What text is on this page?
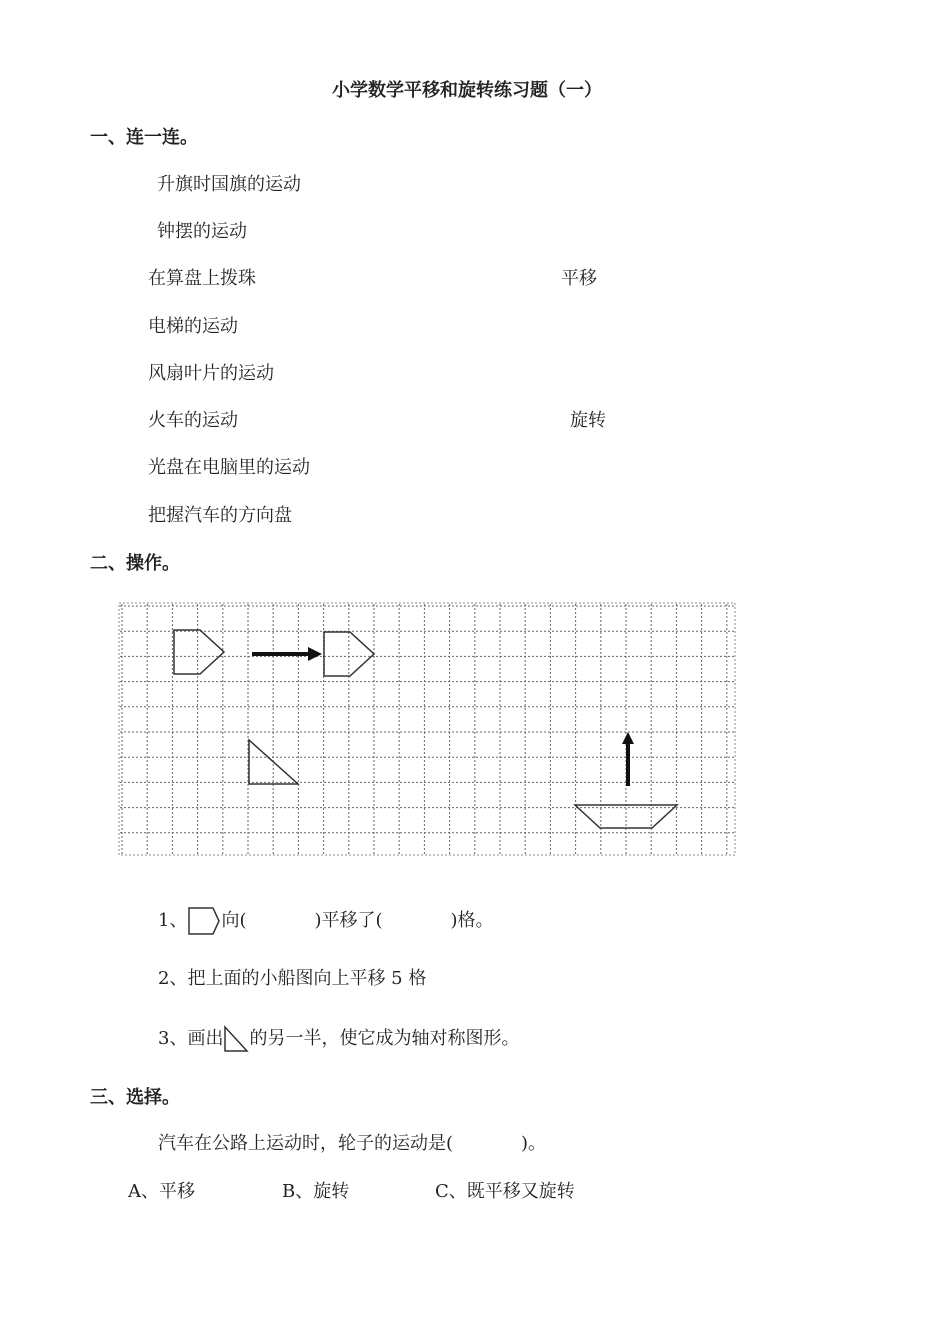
小学数学平移和旋转练习题（一）
一、连一连。
升旗时国旗的运动
钟摆的运动
在算盘上拨珠
电梯的运动
风扇叶片的运动
火车的运动
光盘在电脑里的运动
把握汽车的方向盘
平移
旋转
二、操作。
1、 向(	)平移了(	)格。
2、把上面的小船图向上平移 5 格
3、画出 的另一半，使它成为轴对称图形。
三、选择。
汽车在公路上运动时，轮子的运动是(	)。
A、平移	B、旋转	C、既平移又旋转
